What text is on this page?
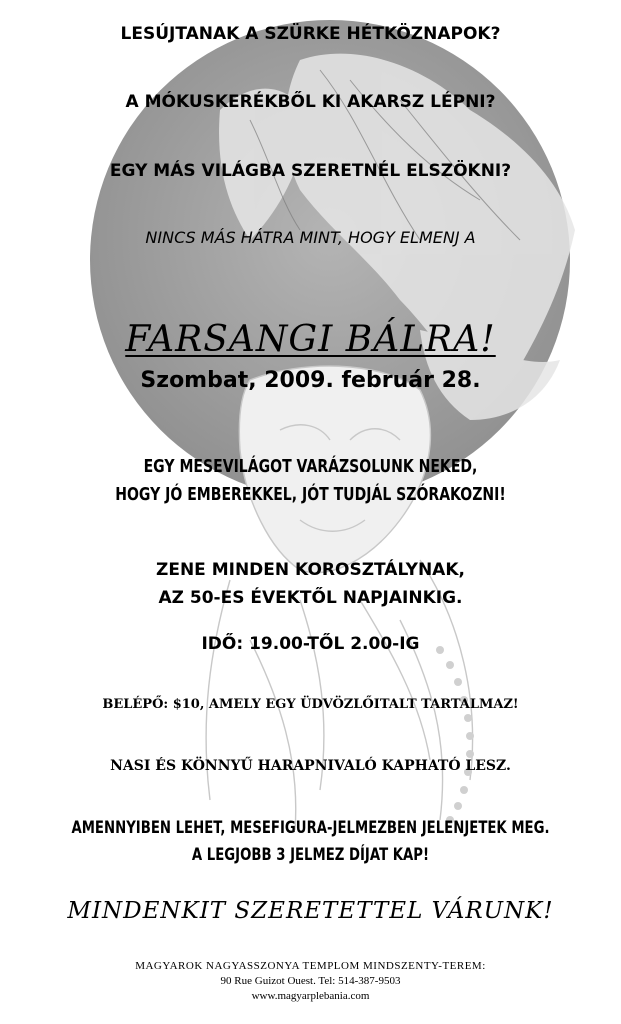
LESÚJTANAK A SZÜRKE HÉTKÖZNAPOK?
A MÓKUSKERÉKBŐL KI AKARSZ LÉPNI?
EGY MÁS VILÁGBA SZERETNÉL ELSZÖKNI?
NINCS MÁS HÁTRA MINT, HOGY ELMENJ A
FARSANGI BÁLRA!
Szombat, 2009. február 28.
EGY MESEVILÁGOT VARÁZSOLUNK NEKED,
HOGY JÓ EMBEREKKEL, JÓT TUDJÁL SZÓRAKOZNI!
ZENE MINDEN KOROSZTÁLYNAK,
AZ 50-ES ÉVEKTŐL NAPJAINKIG.
IDŐ: 19.00-TŐL 2.00-IG
BELÉPŐ: $10, AMELY EGY ÜDVÖZLŐITALT TARTALMAZ!
NASI ÉS KÖNNYŰ HARAPNIVALÓ KAPHATÓ LESZ.
AMENNYIBEN LEHET, MESEFIGURA-JELMEZBEN JELENJETEK MEG.
A LEGJOBB 3 JELMEZ DÍJAT KAP!
MINDENKIT SZERETETTEL VÁRUNK!
MAGYAROK NAGYASSZONYA TEMPLOM MINDSZENTY-TEREM:
90 Rue Guizot Ouest. Tel: 514-387-9503
www.magyarplebania.com
